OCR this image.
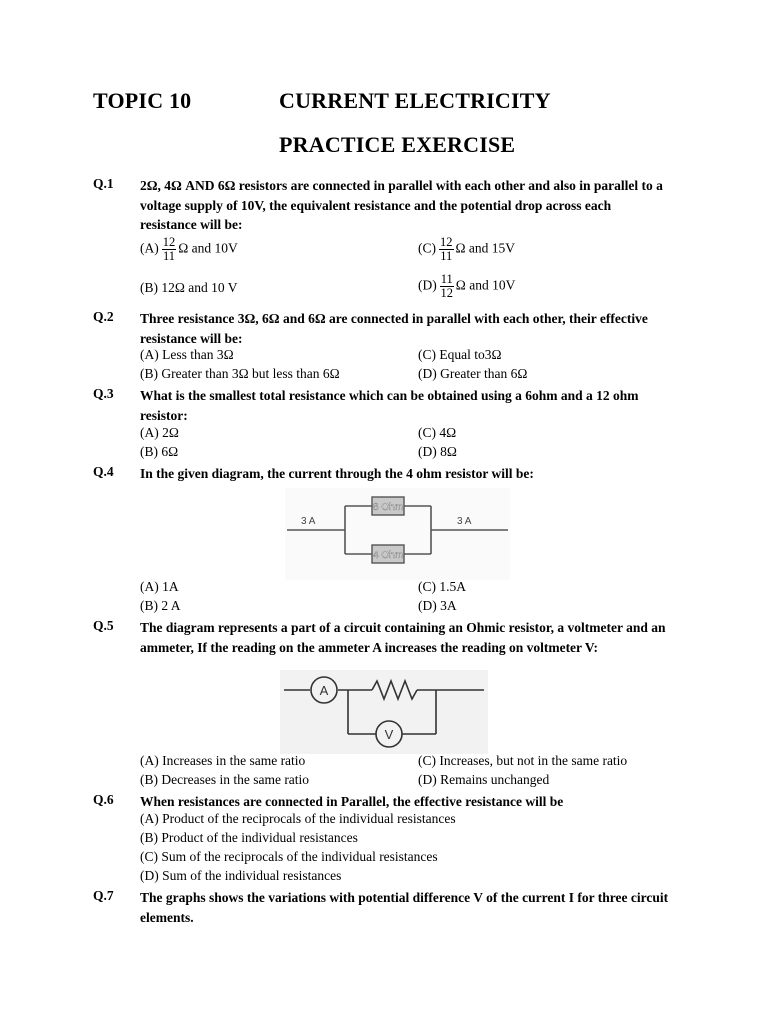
TOPIC 10	CURRENT ELECTRICITY
PRACTICE EXERCISE
Q.1 2Ω, 4Ω AND 6Ω resistors are connected in parallel with each other and also in parallel to a voltage supply of 10V, the equivalent resistance and the potential drop across each resistance will be:
$(A) \frac{12}{11}$ Ω and 10V	$(C) \frac{12}{11}$ Ω and 15V
(B) 12Ω and 10 V	$(D) \frac{11}{12}$ Ω and 10V
Q.2 Three resistance 3Ω, 6Ω and 6Ω are connected in parallel with each other, their effective resistance will be:
(A) Less than 3Ω	(C) Equal to3Ω
(B) Greater than 3Ω but less than 6Ω	(D) Greater than 6Ω
Q.3 What is the smallest total resistance which can be obtained using a 6ohm and a 12 ohm resistor:
(A) 2Ω	(C) 4Ω
(B) 6Ω	(D) 8Ω
Q.4 In the given diagram, the current through the 4 ohm resistor will be:
8 Ohm
4 Ohm
3 A	3 A
(A) 1A	(C) 1.5A
(B) 2 A	(D) 3A
Q.5 The diagram represents a part of a circuit containing an Ohmic resistor, a voltmeter and an ammeter, If the reading on the ammeter A increases the reading on voltmeter V:
A
V
(A) Increases in the same ratio	(C) Increases, but not in the same ratio
(B) Decreases in the same ratio	(D) Remains unchanged
Q.6 When resistances are connected in Parallel, the effective resistance will be
(A) Product of the reciprocals of the individual resistances
(B) Product of the individual resistances
(C) Sum of the reciprocals of the individual resistances
(D) Sum of the individual resistances
Q.7 The graphs shows the variations with potential difference V of the current I for three circuit elements.
